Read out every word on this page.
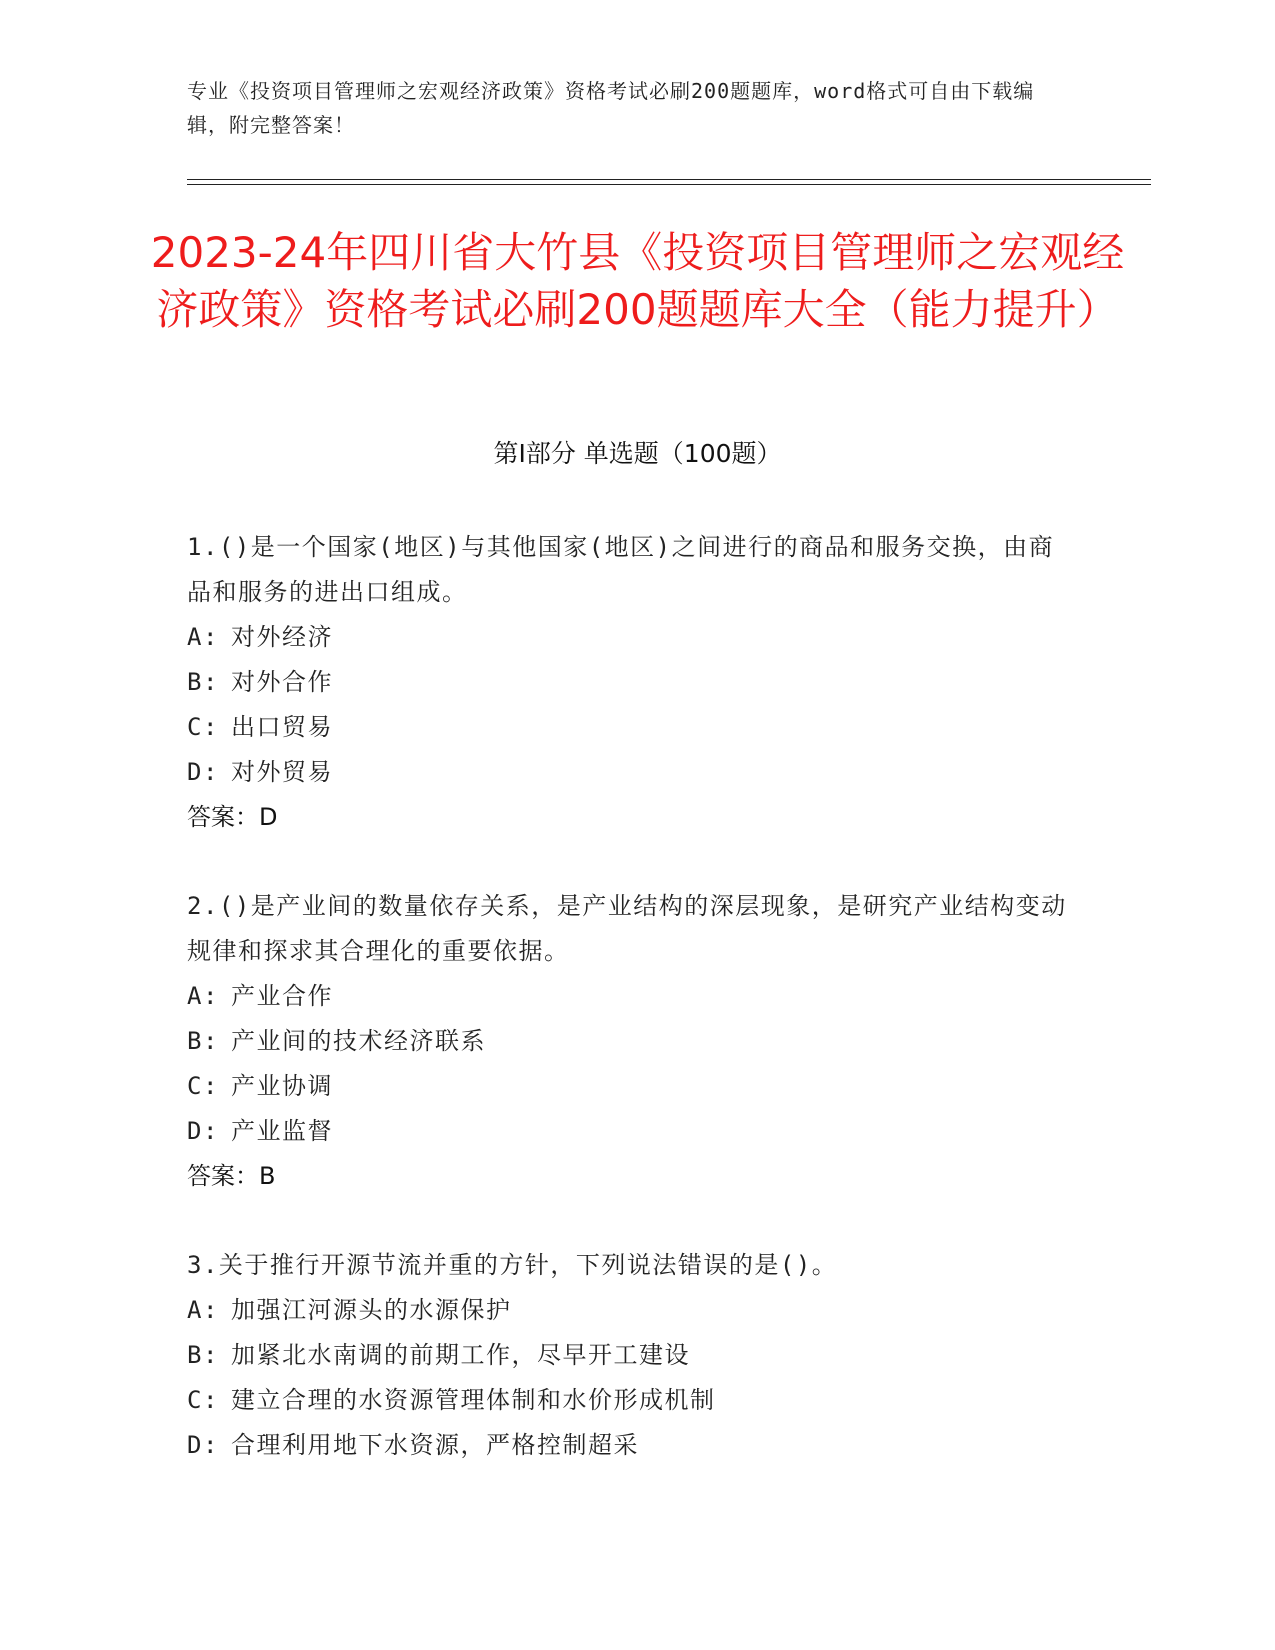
专业《投资项目管理师之宏观经济政策》资格考试必刷200题题库，word格式可自由下载编辑，附完整答案！
2023-24年四川省大竹县《投资项目管理师之宏观经济政策》资格考试必刷200题题库大全（能力提升）
第I部分 单选题（100题）
1.()是一个国家(地区)与其他国家(地区)之间进行的商品和服务交换，由商品和服务的进出口组成。
A: 对外经济
B: 对外合作
C: 出口贸易
D: 对外贸易
答案：D
2.()是产业间的数量依存关系，是产业结构的深层现象，是研究产业结构变动规律和探求其合理化的重要依据。
A: 产业合作
B: 产业间的技术经济联系
C: 产业协调
D: 产业监督
答案：B
3.关于推行开源节流并重的方针，下列说法错误的是()。
A: 加强江河源头的水源保护
B: 加紧北水南调的前期工作，尽早开工建设
C: 建立合理的水资源管理体制和水价形成机制
D: 合理利用地下水资源，严格控制超采
